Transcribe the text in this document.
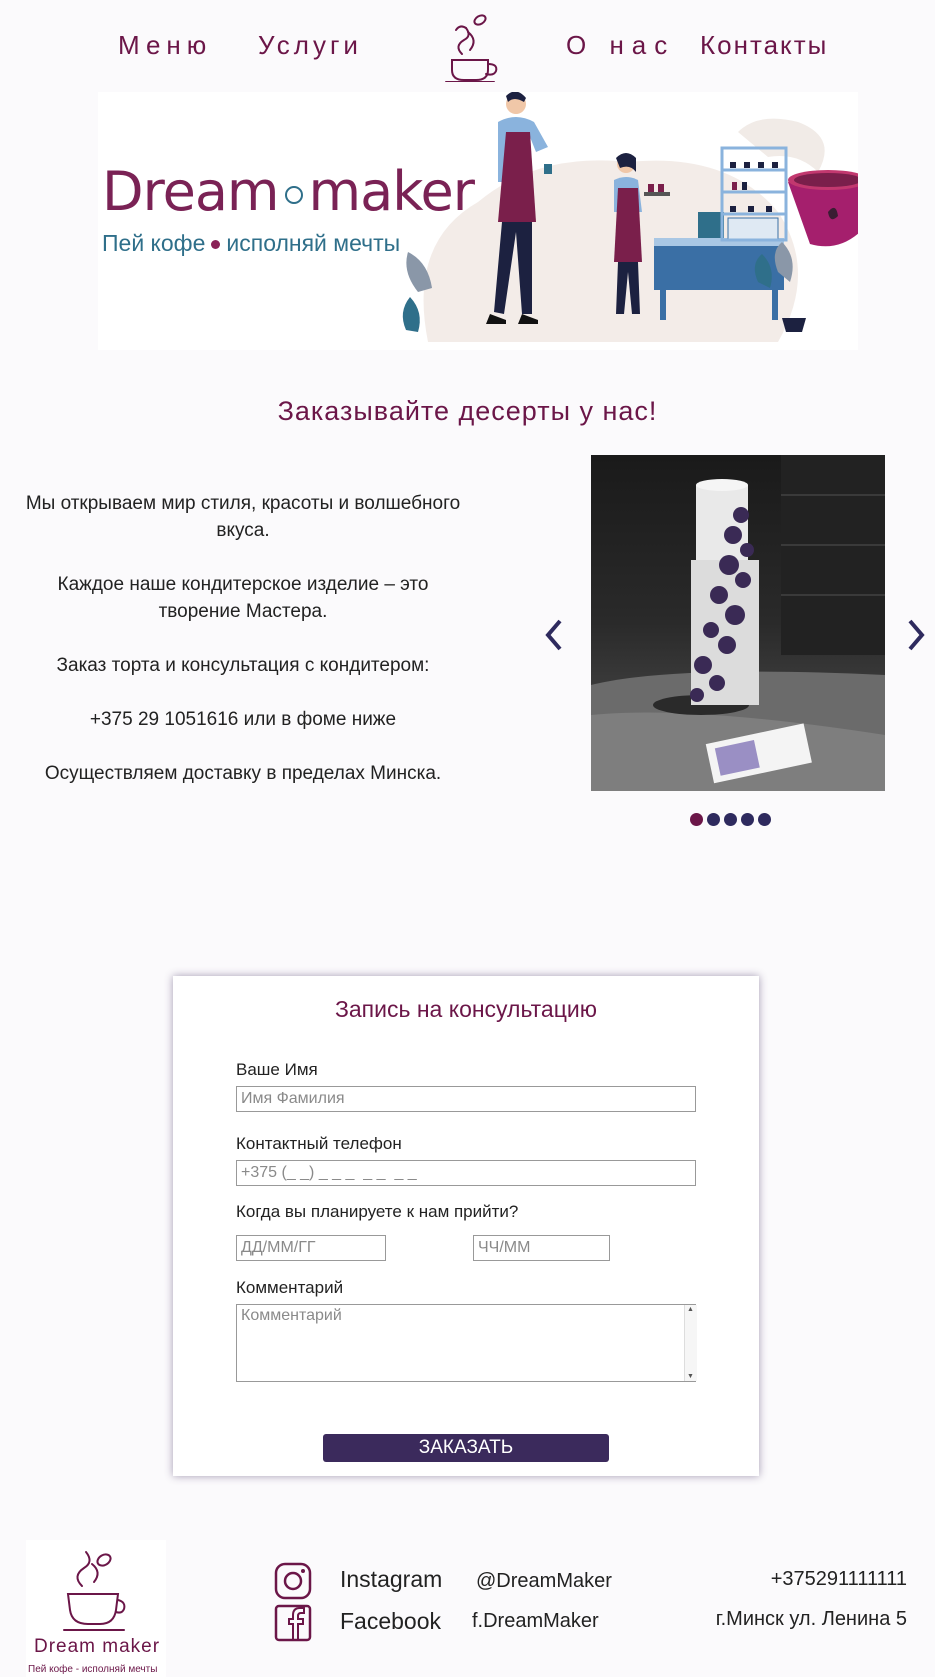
Меню Услуги	О нас Контакты
Dream maker
Пей кофе исполняй мечты
Заказывайте десерты у нас!

Мы открываем мир стиля, красоты и волшебного вкуса.

Каждое наше кондитерское изделие – это творение Мастера.

Заказ торта и консультация с кондитером:

+375 29 1051616 или в фоме ниже

Осуществляем доставку в пределах Минска.

Запись на консультацию
Ваше Имя
Имя Фамилия
Контактный телефон
+375 (_ _) _ _ _ _ _ _ _
Когда вы планируете к нам прийти?
ДД/ММ/ГГ
ЧЧ/ММ
Комментарий
Комментарий
▲
▼
ЗАКАЗАТЬ
Dream maker
Пей кофе - исполняй мечты
Instagram @DreamMaker
Facebook f.DreamMaker
+375291111111
г.Минск ул. Ленина 5
